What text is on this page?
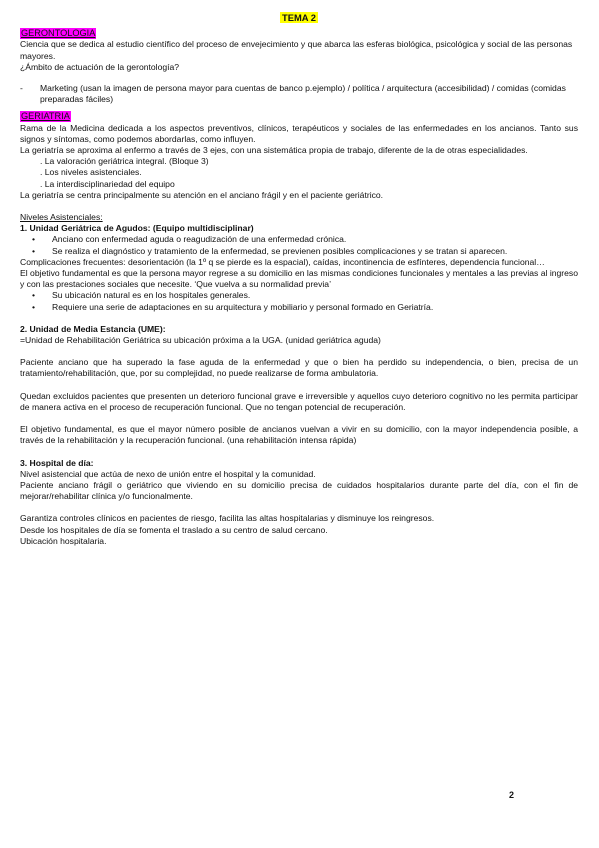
TEMA 2
GERONTOLOGIA

Ciencia que se dedica al estudio científico del proceso de envejecimiento y que abarca las esferas biológica, psicológica y social de las personas mayores.

¿Ámbito de actuación de la gerontología?

-	Marketing (usan la imagen de persona mayor para cuentas de banco p.ejemplo) / política / arquitectura (accesibilidad) / comidas (comidas preparadas fáciles)
GERIATRIA

Rama de la Medicina dedicada a los aspectos preventivos, clínicos, terapéuticos y sociales de las enfermedades en los ancianos. Tanto sus signos y síntomas, como podemos abordarlas, como influyen.

La geriatría se aproxima al enfermo a través de 3 ejes, con una sistemática propia de trabajo, diferente de la de otras especialidades.

. La valoración geriátrica integral. (Bloque 3)

. Los niveles asistenciales.

. La interdisciplinariedad del equipo

La geriatría se centra principalmente su atención en el anciano frágil y en el paciente geriátrico.

Niveles Asistenciales:

1. Unidad Geriátrica de Agudos: (Equipo multidisciplinar)

•	Anciano con enfermedad aguda o reagudización de una enfermedad crónica.
•	Se realiza el diagnóstico y tratamiento de la enfermedad, se previenen posibles complicaciones y se tratan si aparecen.

Complicaciones frecuentes: desorientación (la 1º q se pierde es la espacial), caídas, incontinencia de esfínteres, dependencia funcional…

El objetivo fundamental es que la persona mayor regrese a su domicilio en las mismas condiciones funcionales y mentales a las previas al ingreso y con las prestaciones sociales que necesite. ‘Que vuelva a su normalidad previa’

•	Su ubicación natural es en los hospitales generales.
•	Requiere una serie de adaptaciones en su arquitectura y mobiliario y personal formado en Geriatría.

2. Unidad de Media Estancia (UME):

=Unidad de Rehabilitación Geriátrica su ubicación próxima a la UGA. (unidad geriátrica aguda)

Paciente anciano que ha superado la fase aguda de la enfermedad y que o bien ha perdido su independencia, o bien, precisa de un tratamiento/rehabilitación, que, por su complejidad, no puede realizarse de forma ambulatoria.

Quedan excluidos pacientes que presenten un deterioro funcional grave e irreversible y aquellos cuyo deterioro cognitivo no les permita participar de manera activa en el proceso de recuperación funcional. Que no tengan potencial de recuperación.

El objetivo fundamental, es que el mayor número posible de ancianos vuelvan a vivir en su domicilio, con la mayor independencia posible, a través de la rehabilitación y la recuperación funcional. (una rehabilitación intensa rápida)

3. Hospital de día:

Nivel asistencial que actúa de nexo de unión entre el hospital y la comunidad.

Paciente anciano frágil o geriátrico que viviendo en su domicilio precisa de cuidados hospitalarios durante parte del día, con el fin de mejorar/rehabilitar clínica y/o funcionalmente.

Garantiza controles clínicos en pacientes de riesgo, facilita las altas hospitalarias y disminuye los reingresos.

Desde los hospitales de día se fomenta el traslado a su centro de salud cercano.

Ubicación hospitalaria.

2
